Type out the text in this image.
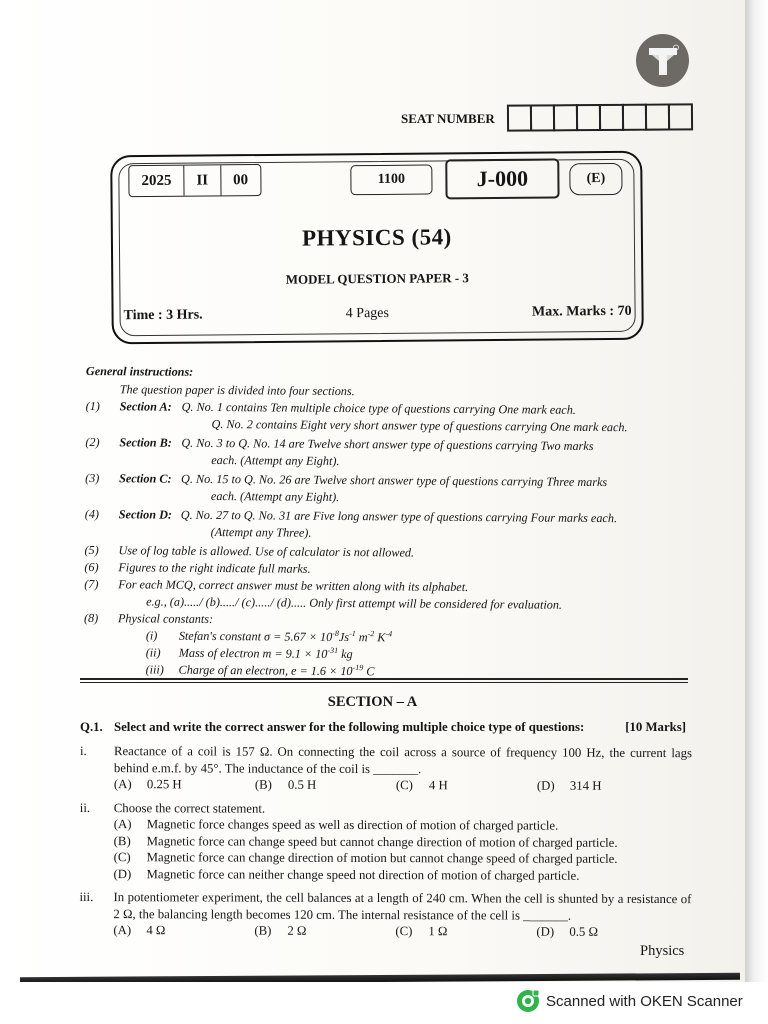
SEAT NUMBER
2025	II	00	1100	J-000	(E)
PHYSICS (54)
MODEL QUESTION PAPER - 3
Time : 3 Hrs.	4 Pages	Max. Marks : 70
General instructions:
The question paper is divided into four sections.
(1)	Section A: Q. No. 1 contains Ten multiple choice type of questions carrying One mark each.
Q. No. 2 contains Eight very short answer type of questions carrying One mark each.
(2)	Section B: Q. No. 3 to Q. No. 14 are Twelve short answer type of questions carrying Two marks
each. (Attempt any Eight).
(3)	Section C: Q. No. 15 to Q. No. 26 are Twelve short answer type of questions carrying Three marks
each. (Attempt any Eight).
(4)	Section D: Q. No. 27 to Q. No. 31 are Five long answer type of questions carrying Four marks each.
(Attempt any Three).
(5)	Use of log table is allowed. Use of calculator is not allowed.
(6)	Figures to the right indicate full marks.
(7)	For each MCQ, correct answer must be written along with its alphabet.
e.g., (a)...../ (b)...../ (c)...../ (d)..... Only first attempt will be considered for evaluation.
(8)	Physical constants:
(i)	Stefan's constant $\sigma = 5.67 \times 10^{-8}Js^{-1}$ $m^{-2}$ $K^{-4}$
(ii)	Mass of electron $m = 9.1 \times 10^{-31}$ kg
(iii)	Charge of an electron, $e = 1.6 \times 10^{-19}$ C
SECTION – A
Q.1. Select and write the correct answer for the following multiple choice type of questions:	[10 Marks]
i.	Reactance of a coil is 157 Ω. On connecting the coil across a source of frequency 100 Hz, the current lags behind e.m.f. by 45°. The inductance of the coil is _______.
(A)	0.25 H	(B)	0.5 H	(C)	4 H	(D)	314 H
ii.	Choose the correct statement.
(A)	Magnetic force changes speed as well as direction of motion of charged particle.
(B)	Magnetic force can change speed but cannot change direction of motion of charged particle.
(C)	Magnetic force can change direction of motion but cannot change speed of charged particle.
(D)	Magnetic force can neither change speed not direction of motion of charged particle.
iii.	In potentiometer experiment, the cell balances at a length of 240 cm. When the cell is shunted by a resistance of 2 Ω, the balancing length becomes 120 cm. The internal resistance of the cell is _______.
(A)	4 Ω	(B)	2 Ω	(C)	1 Ω	(D)	0.5 Ω
Physics
Scanned with OKEN Scanner
